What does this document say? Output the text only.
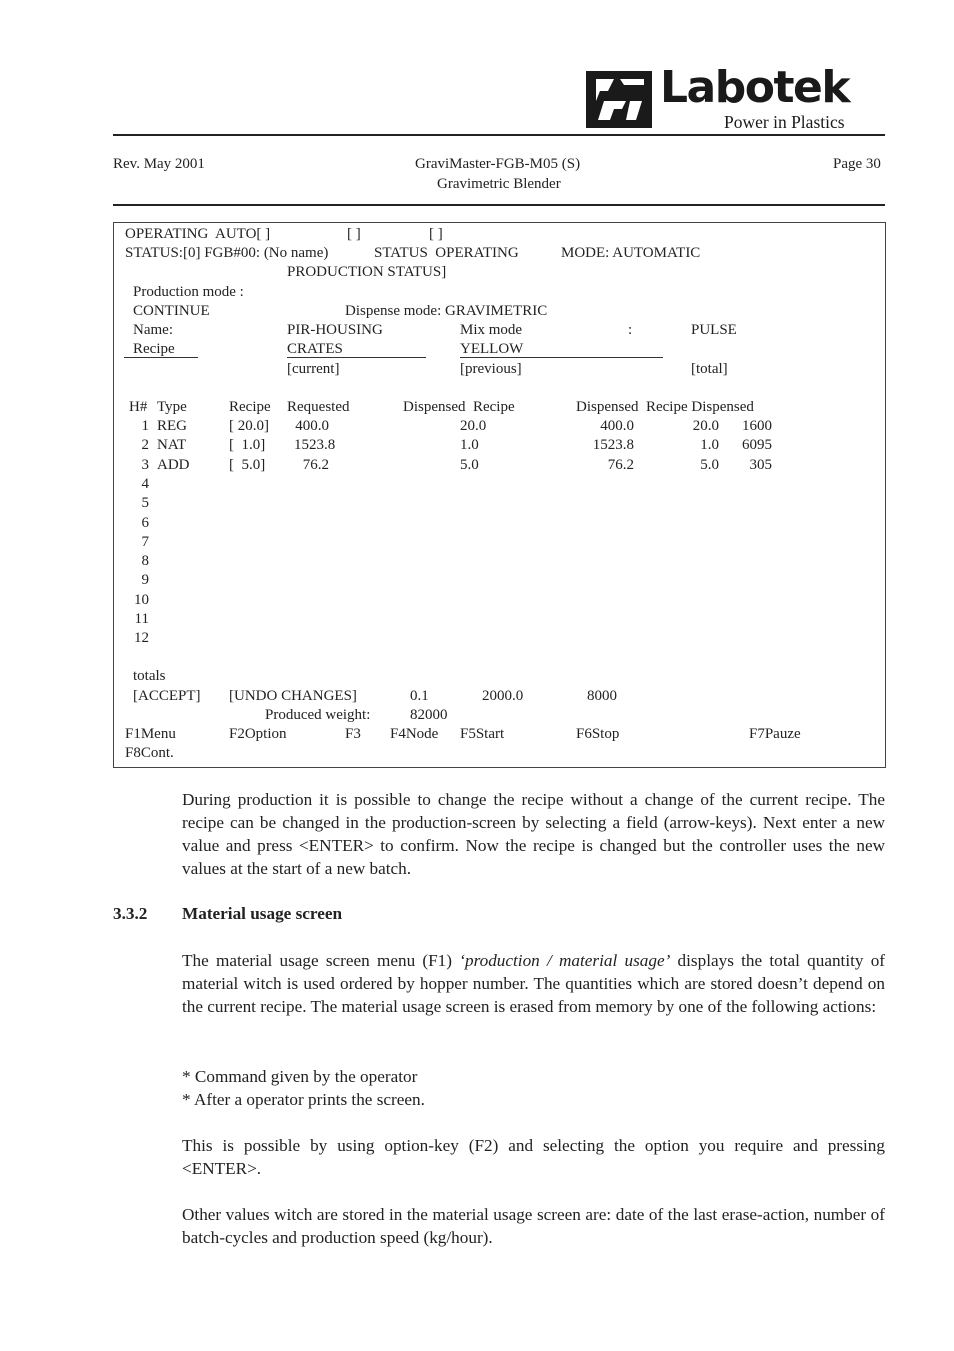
Labotek
Power in Plastics
Rev. May 2001	GraviMaster-FGB-M05 (S)
Gravimetric Blender
Page 30
OPERATING  AUTO[ ]	[ ]	[ ]
STATUS:[0] FGB#00: (No name)	STATUS  OPERATING	MODE: AUTOMATIC
PRODUCTION STATUS]
Production mode :
CONTINUE	Dispense mode: GRAVIMETRIC
Name:	PIR-HOUSING	Mix mode	:	PULSE
Recipe	CRATES	YELLOW
[current]	[previous]	[total]
H# Type	Recipe Requested	Dispensed  Recipe	Dispensed  Recipe Dispensed
1 REG	[ 20.0] 400.0	20.0	400.0	20.0	1600
2 NAT	[  1.0] 1523.8	1.0	1523.8	1.0	6095
3 ADD	[  5.0]	76.2	5.0	76.2	5.0	305
4
5
6
7
8
9
10
11
12
totals
[ACCEPT] [UNDO CHANGES]	0.1	2000.0	8000
Produced weight:	82000
F1Menu	F2Option	F3 F4Node F5Start	F6Stop	F7Pauze
F8Cont.

During production it is possible to change the recipe without a change of the current recipe. The recipe can be changed in the production-screen by selecting a field (arrow-keys). Next enter a new value and press <ENTER> to confirm. Now the recipe is changed but the controller uses the new values at the start of a new batch.

3.3.2 Material usage screen

The material usage screen menu (F1) ‘production / material usage’ displays the total quantity of material witch is used ordered by hopper number. The quantities which are stored doesn’t depend on the current recipe. The material usage screen is erased from memory by one of the following actions:

* Command given by the operator

* After a operator prints the screen.

This is possible by using option-key (F2) and selecting the option you require and pressing <ENTER>.

Other values witch are stored in the material usage screen are: date of the last erase-action, number of batch-cycles and production speed (kg/hour).
